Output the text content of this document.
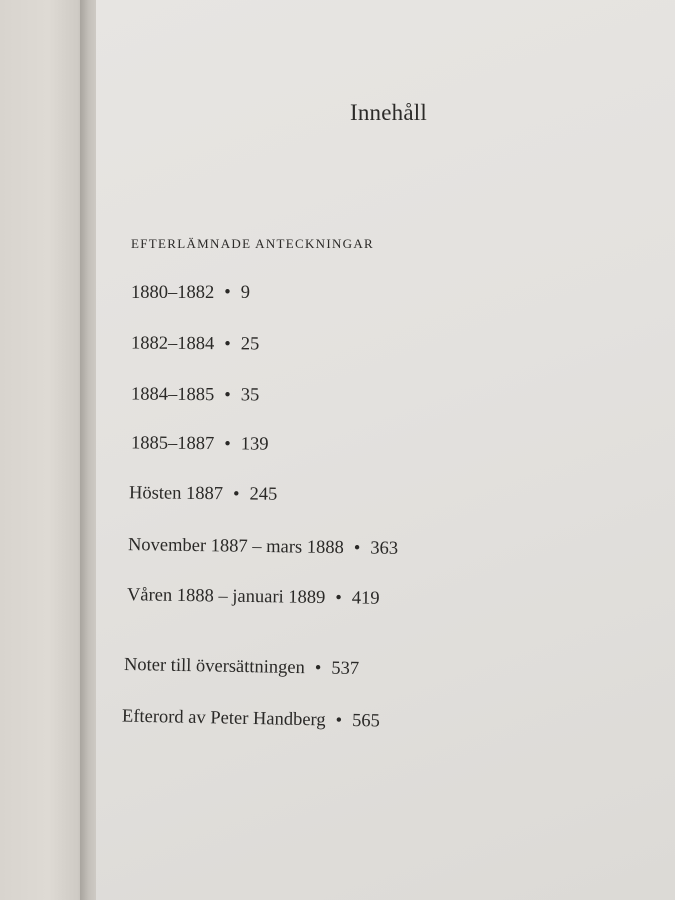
Innehåll
EFTERLÄMNADE ANTECKNINGAR
1880–1882 • 9
1882–1884 • 25
1884–1885 • 35
1885–1887 • 139
Hösten 1887 • 245
November 1887 – mars 1888 • 363
Våren 1888 – januari 1889 • 419
Noter till översättningen • 537
Efterord av Peter Handberg • 565
